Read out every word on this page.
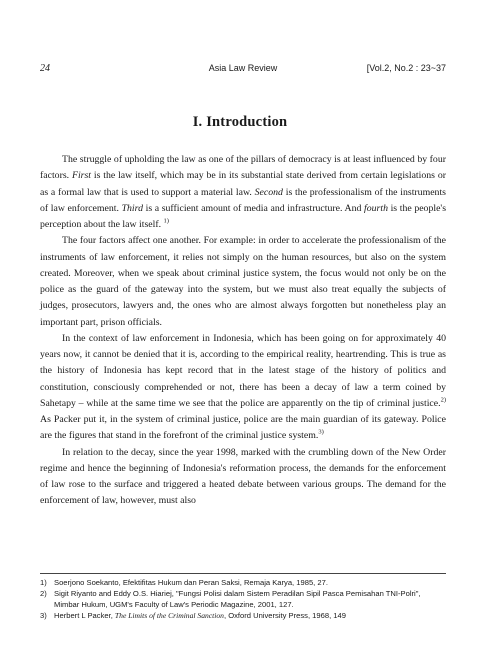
24	Asia Law Review	[Vol.2, No.2 : 23~37
I. Introduction

The struggle of upholding the law as one of the pillars of democracy is at least influenced by four factors. First is the law itself, which may be in its substantial state derived from certain legislations or as a formal law that is used to support a material law. Second is the professionalism of the instruments of law enforcement. Third is a sufficient amount of media and infrastructure. And fourth is the people's perception about the law itself. $^{1)}$

The four factors affect one another. For example: in order to accelerate the professionalism of the instruments of law enforcement, it relies not simply on the human resources, but also on the system created. Moreover, when we speak about criminal justice system, the focus would not only be on the police as the guard of the gateway into the system, but we must also treat equally the subjects of judges, prosecutors, lawyers and, the ones who are almost always forgotten but nonetheless play an important part, prison officials.

In the context of law enforcement in Indonesia, which has been going on for approximately 40 years now, it cannot be denied that it is, according to the empirical reality, heartrending. This is true as the history of Indonesia has kept record that in the latest stage of the history of politics and constitution, consciously comprehended or not, there has been a decay of law a term coined by Sahetapy – while at the same time we see that the police are apparently on the tip of criminal justice.$^{2)}$ As Packer put it, in the system of criminal justice, police are the main guardian of its gateway. Police are the figures that stand in the forefront of the criminal justice system.$^{3)}$

In relation to the decay, since the year 1998, marked with the crumbling down of the New Order regime and hence the beginning of Indonesia's reformation process, the demands for the enforcement of law rose to the surface and triggered a heated debate between various groups. The demand for the enforcement of law, however, must also

1) Soerjono Soekanto, Efektifitas Hukum dan Peran Saksi, Remaja Karya, 1985, 27.
2) Sigit Riyanto and Eddy O.S. Hiariej, "Fungsi Polisi dalam Sistem Peradilan Sipil Pasca Pemisahan TNI-Polri", Mimbar Hukum, UGM's Faculty of Law's Periodic Magazine, 2001, 127.
3) Herbert L Packer, The Limits of the Criminal Sanction, Oxford University Press, 1968, 149
